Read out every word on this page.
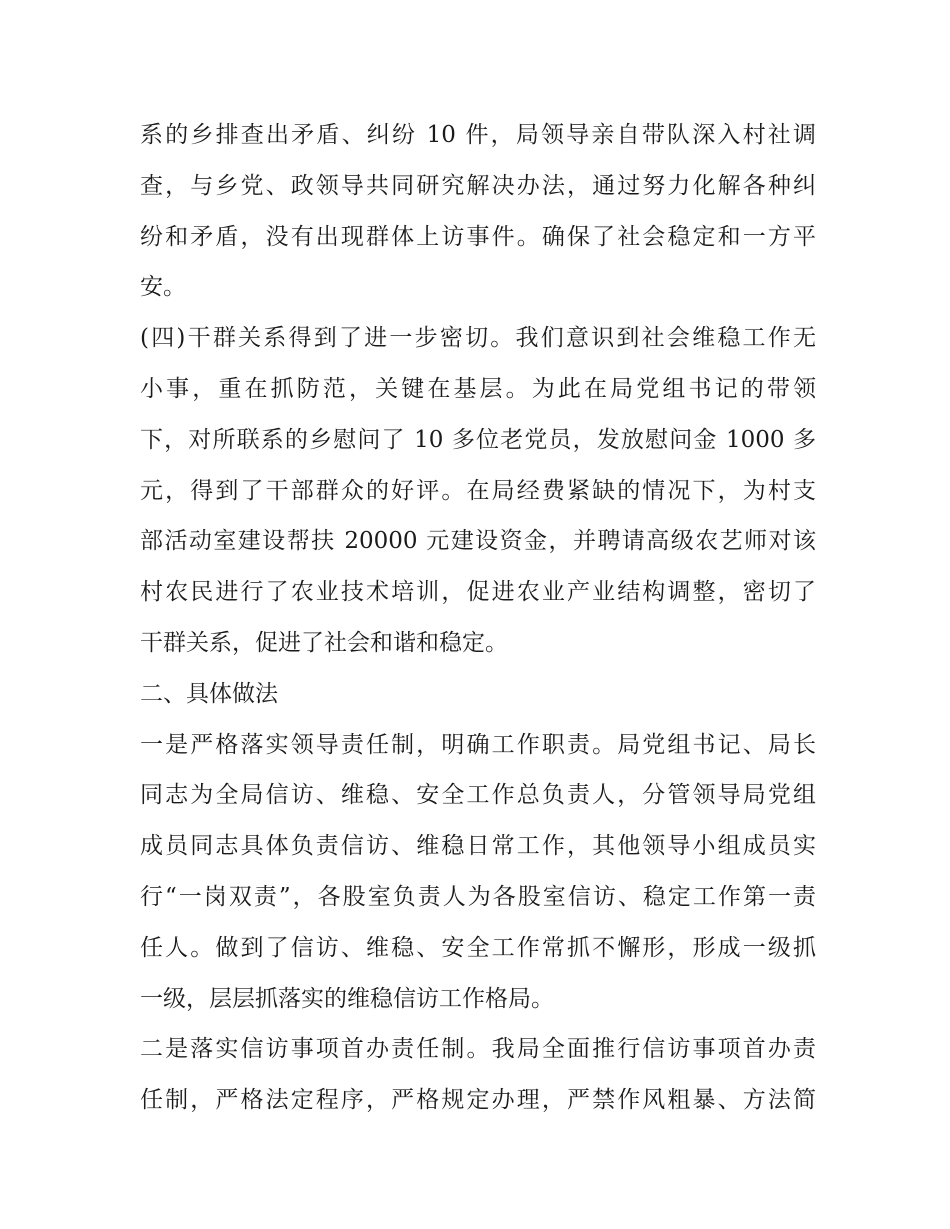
系的乡排查出矛盾、纠纷 10 件，局领导亲自带队深入村社调
查，与乡党、政领导共同研究解决办法，通过努力化解各种纠
纷和矛盾，没有出现群体上访事件。确保了社会稳定和一方平
安。
(四)干群关系得到了进一步密切。我们意识到社会维稳工作无
小事，重在抓防范，关键在基层。为此在局党组书记的带领
下，对所联系的乡慰问了 10 多位老党员，发放慰问金 1000 多
元，得到了干部群众的好评。在局经费紧缺的情况下，为村支
部活动室建设帮扶 20000 元建设资金，并聘请高级农艺师对该
村农民进行了农业技术培训，促进农业产业结构调整，密切了
干群关系，促进了社会和谐和稳定。
二、具体做法
一是严格落实领导责任制，明确工作职责。局党组书记、局长
同志为全局信访、维稳、安全工作总负责人，分管领导局党组
成员同志具体负责信访、维稳日常工作，其他领导小组成员实
行“一岗双责”，各股室负责人为各股室信访、稳定工作第一责
任人。做到了信访、维稳、安全工作常抓不懈形，形成一级抓
一级，层层抓落实的维稳信访工作格局。
二是落实信访事项首办责任制。我局全面推行信访事项首办责
任制，严格法定程序，严格规定办理，严禁作风粗暴、方法简
